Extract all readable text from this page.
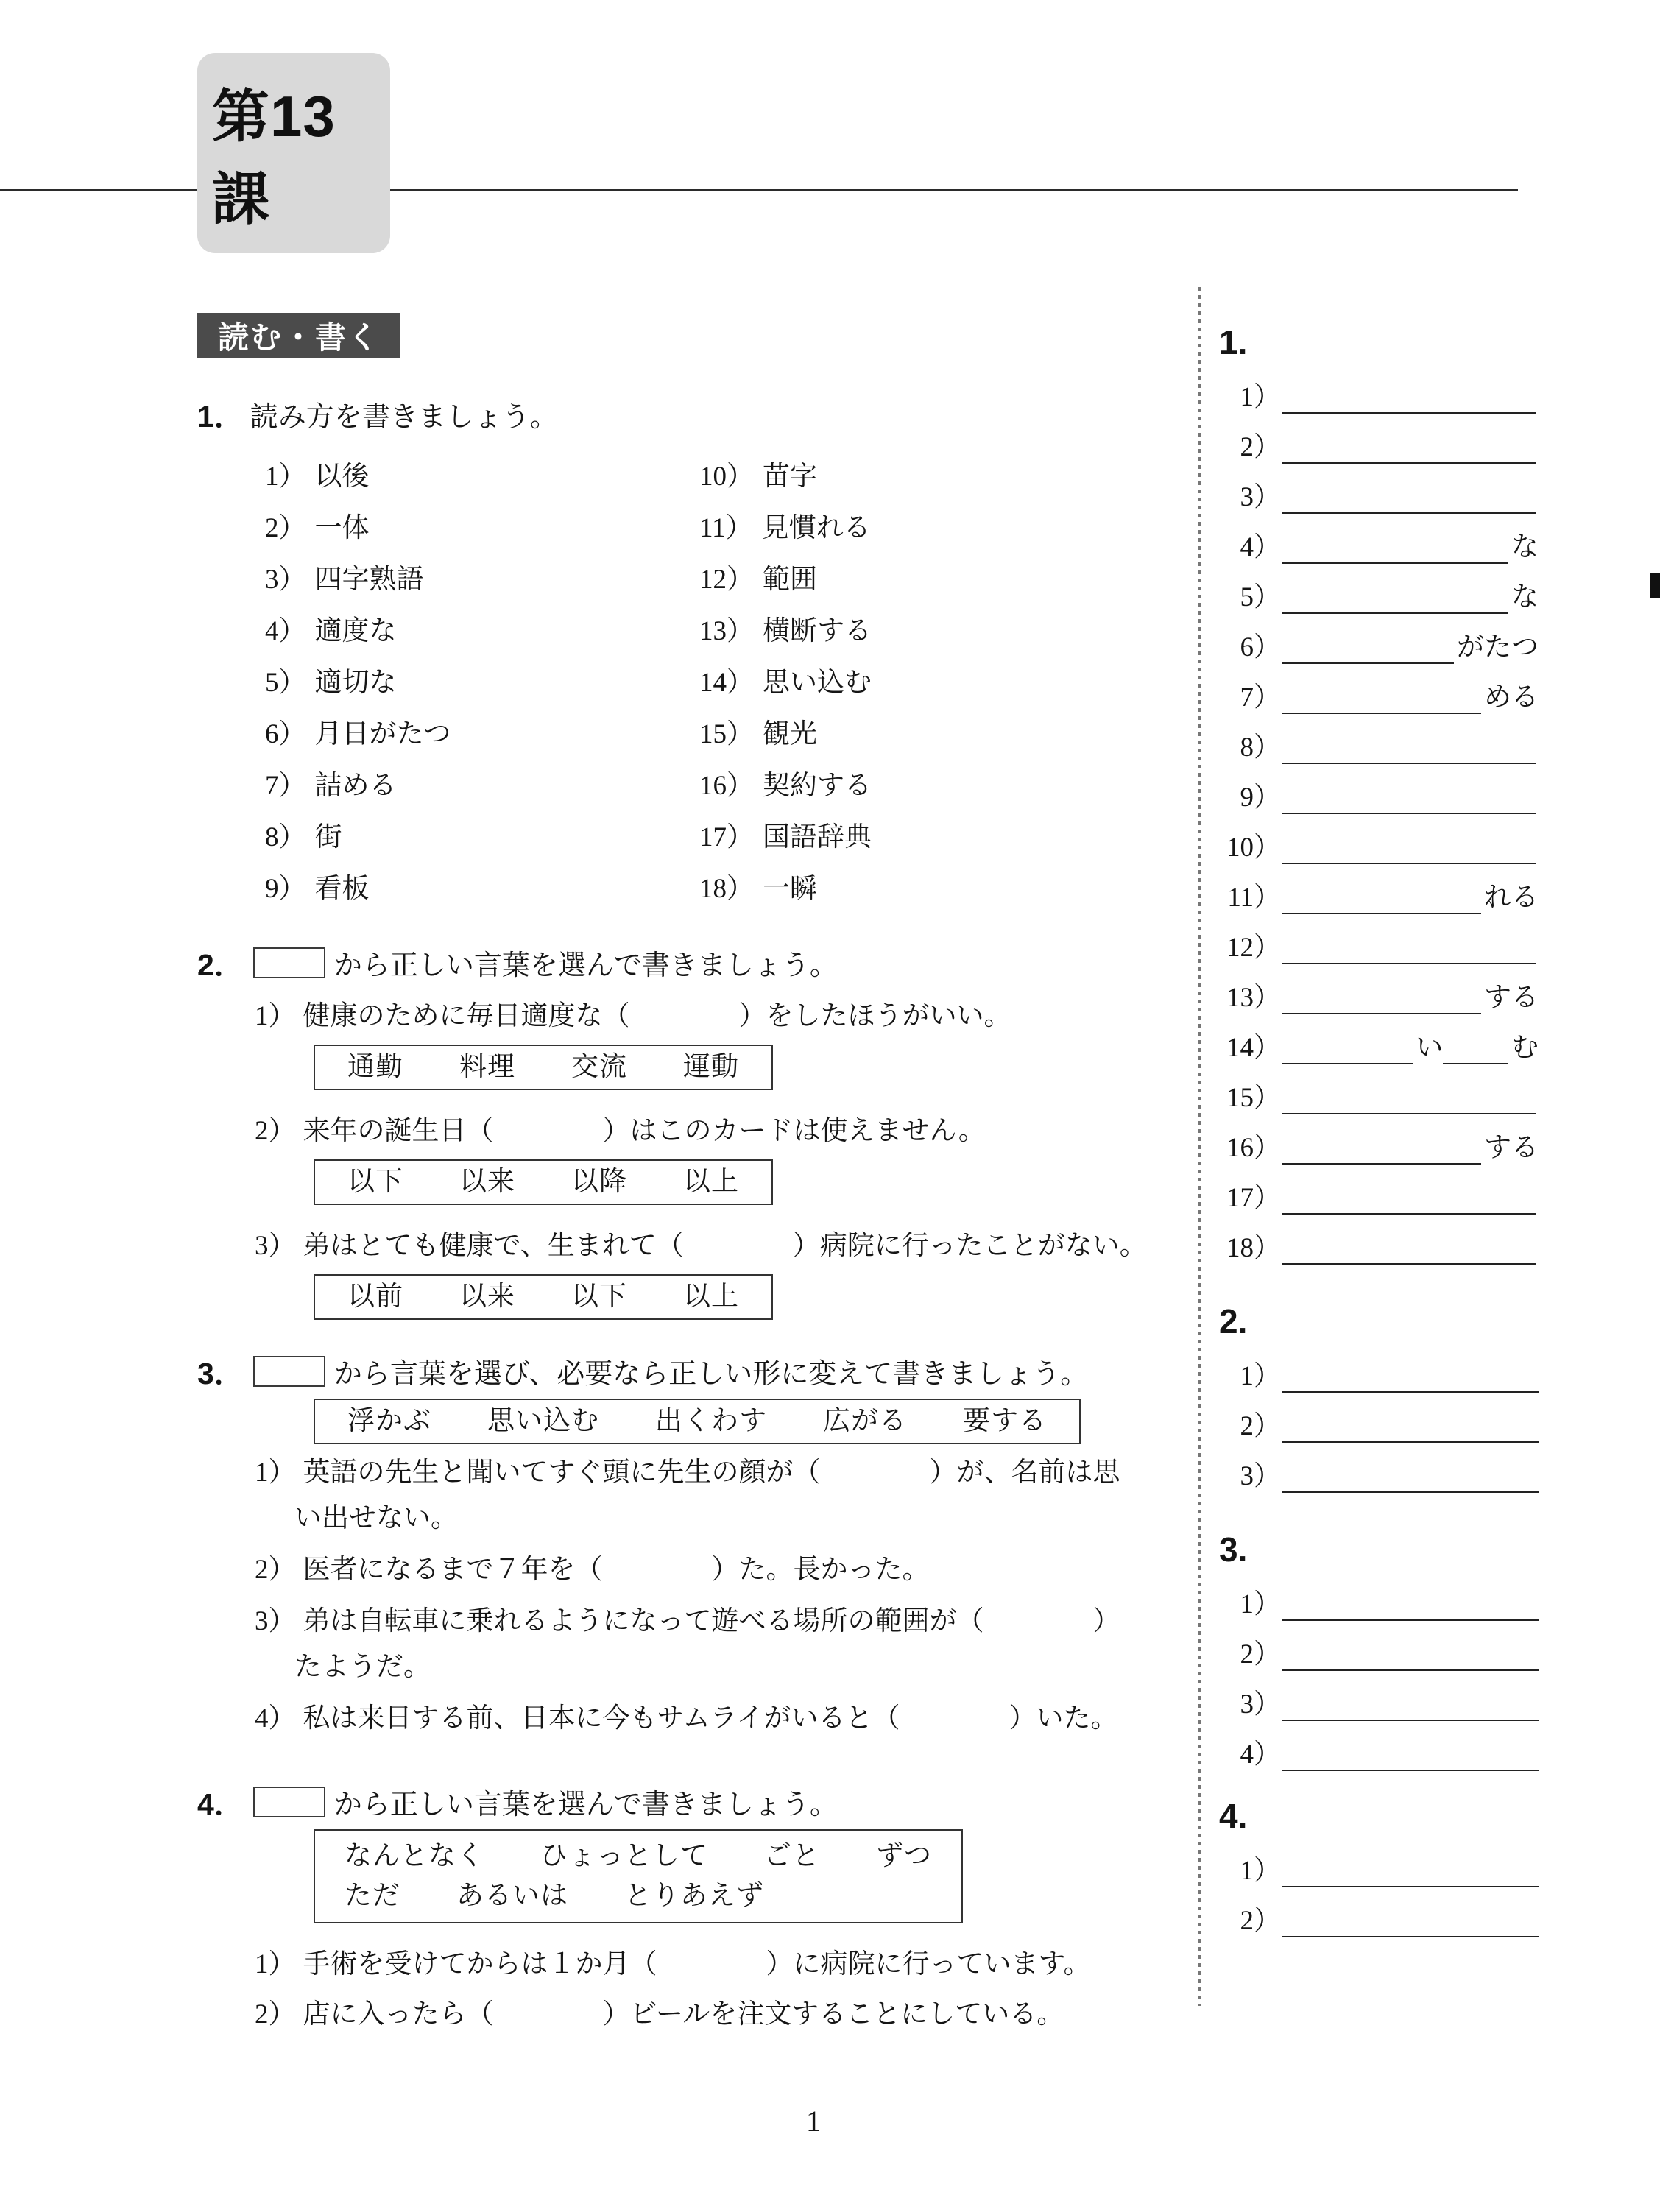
第13課
読む・書く
1． 読み方を書きましょう。
1） 以後
2） 一体
3） 四字熟語
4） 適度な
5） 適切な
6） 月日がたつ
7） 詰める
8） 街
9） 看板
10） 苗字
11） 見慣れる
12） 範囲
13） 横断する
14） 思い込む
15） 観光
16） 契約する
17） 国語辞典
18） 一瞬
2．	から正しい言葉を選んで書きましょう。
1） 健康のために毎日適度な（　　　　）をしたほうがいい。
通勤　　料理　　交流　　運動
2） 来年の誕生日（　　　　）はこのカードは使えません。
以下　　以来　　以降　　以上
3） 弟はとても健康で、生まれて（　　　　）病院に行ったことがない。
以前　　以来　　以下　　以上
3．	から言葉を選び、必要なら正しい形に変えて書きましょう。
浮かぶ　　思い込む　　出くわす　　広がる　　要する
1） 英語の先生と聞いてすぐ頭に先生の顔が（　　　　）が、名前は思
い出せない。
2） 医者になるまで７年を（　　　　）た。長かった。
3） 弟は自転車に乗れるようになって遊べる場所の範囲が（　　　　）
たようだ。
4） 私は来日する前、日本に今もサムライがいると（　　　　）いた。
4．	から正しい言葉を選んで書きましょう。
なんとなく　　ひょっとして　　ごと　　ずつ
ただ　　あるいは　　とりあえず
1） 手術を受けてからは１か月（　　　　）に病院に行っています。
2） 店に入ったら（　　　　）ビールを注文することにしている。
1.
1）
2）
3）
4）	な
5）	な
6）	がたつ
7）	める
8）
9）
10）
11）	れる
12）
13）	する
14）	い	む
15）
16）	する
17）
18）
2.
1）
2）
3）
3.
1）
2）
3）
4）
4.
1）
2）
1
